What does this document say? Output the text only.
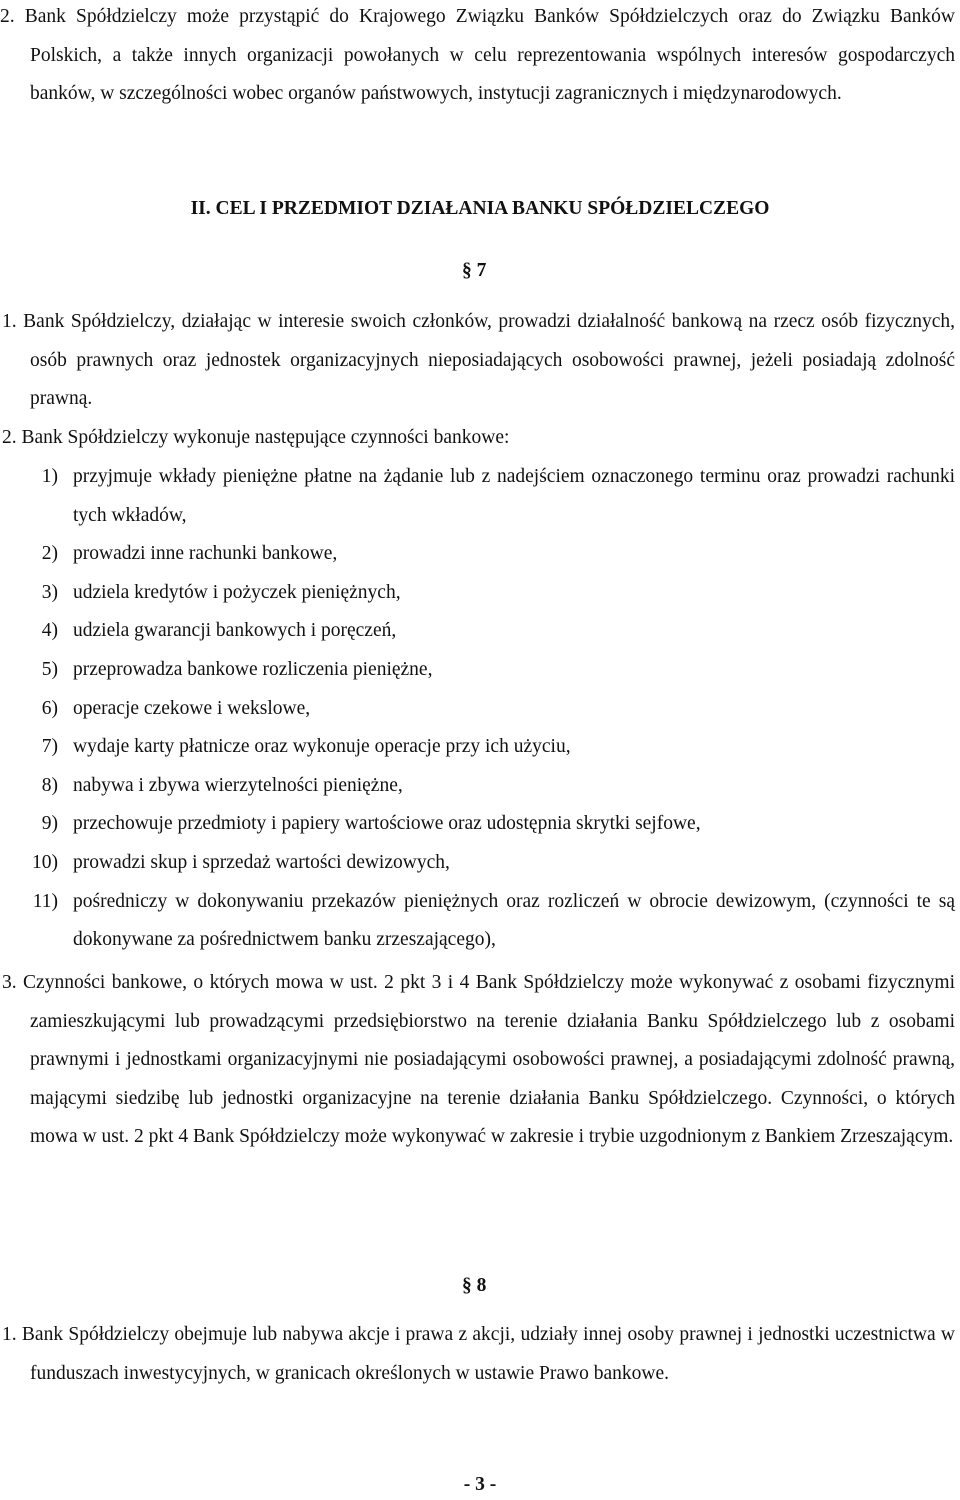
2. Bank Spółdzielczy może przystąpić do Krajowego Związku Banków Spółdzielczych oraz do Związku Banków Polskich, a także innych organizacji powołanych w celu reprezentowania wspólnych interesów gospodarczych banków, w szczególności wobec organów państwowych, instytucji zagranicznych i międzynarodowych.

II. CEL I PRZEDMIOT DZIAŁANIA BANKU SPÓŁDZIELCZEGO

§ 7

1. Bank Spółdzielczy, działając w interesie swoich członków, prowadzi działalność bankową na rzecz osób fizycznych, osób prawnych oraz jednostek organizacyjnych nieposiadających osobowości prawnej, jeżeli posiadają zdolność prawną.

2. Bank Spółdzielczy wykonuje następujące czynności bankowe:

1) przyjmuje wkłady pieniężne płatne na żądanie lub z nadejściem oznaczonego terminu oraz prowadzi rachunki tych wkładów,
2) prowadzi inne rachunki bankowe,
3) udziela kredytów i pożyczek pieniężnych,
4) udziela gwarancji bankowych i poręczeń,
5) przeprowadza bankowe rozliczenia pieniężne,
6) operacje czekowe i wekslowe,
7) wydaje karty płatnicze oraz wykonuje operacje przy ich użyciu,
8) nabywa i zbywa wierzytelności pieniężne,
9) przechowuje przedmioty i papiery wartościowe oraz udostępnia skrytki sejfowe,
10) prowadzi skup i sprzedaż wartości dewizowych,
11) pośredniczy w dokonywaniu przekazów pieniężnych oraz rozliczeń w obrocie dewizowym, (czynności te są dokonywane za pośrednictwem banku zrzeszającego),

3. Czynności bankowe, o których mowa w ust. 2 pkt 3 i 4 Bank Spółdzielczy może wykonywać z osobami fizycznymi zamieszkującymi lub prowadzącymi przedsiębiorstwo na terenie działania Banku Spółdzielczego lub z osobami prawnymi i jednostkami organizacyjnymi nie posiadającymi osobowości prawnej, a posiadającymi zdolność prawną, mającymi siedzibę lub jednostki organizacyjne na terenie działania Banku Spółdzielczego. Czynności, o których mowa w ust. 2 pkt 4 Bank Spółdzielczy może wykonywać w zakresie i trybie uzgodnionym z Bankiem Zrzeszającym.

§ 8

1. Bank Spółdzielczy obejmuje lub nabywa akcje i prawa z akcji, udziały innej osoby prawnej i jednostki uczestnictwa w funduszach inwestycyjnych, w granicach określonych w ustawie Prawo bankowe.

- 3 -
